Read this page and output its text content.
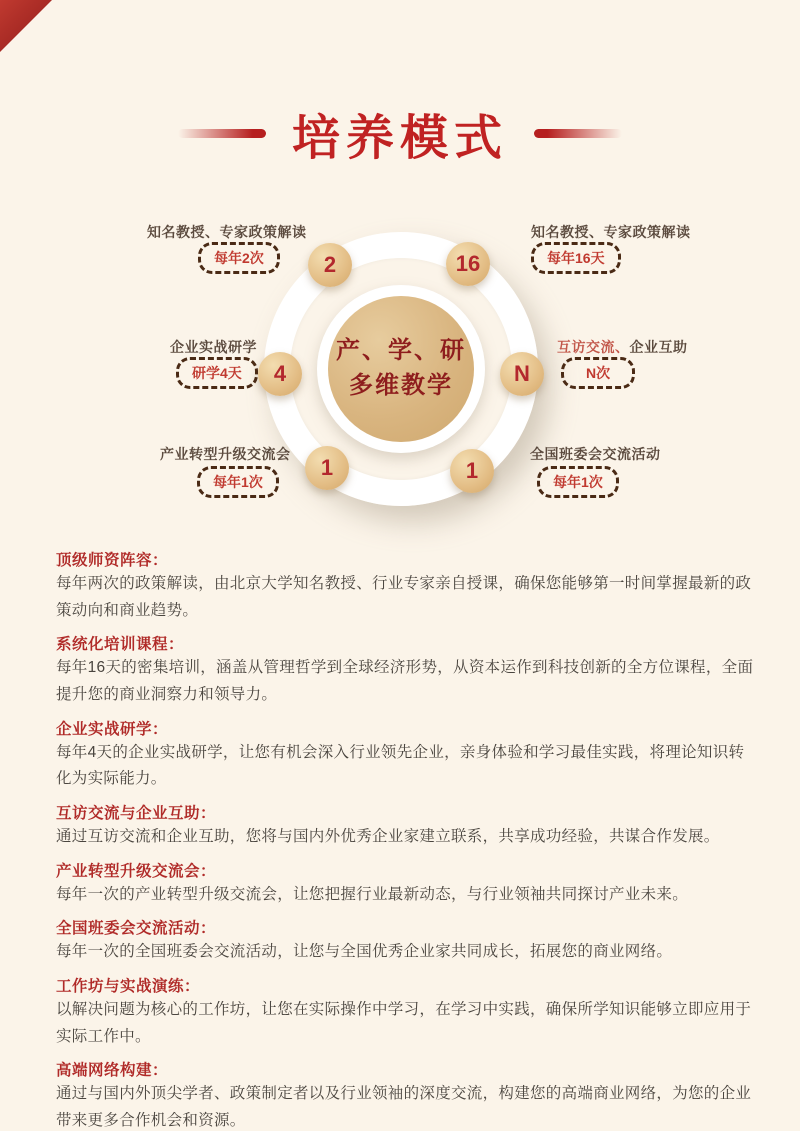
培养模式
产、学、研
多维教学
2	16
4	N
1	1
知名教授、专家政策解读
每年2次
知名教授、专家政策解读
每年16天
企业实战研学
研学4天
互访交流、企业互助
N次
产业转型升级交流会
每年1次
全国班委会交流活动
每年1次
顶级师资阵容：

每年两次的政策解读，由北京大学知名教授、行业专家亲自授课，确保您能够第一时间掌握最新的政策动向和商业趋势。

系统化培训课程：

每年16天的密集培训，涵盖从管理哲学到全球经济形势，从资本运作到科技创新的全方位课程，全面提升您的商业洞察力和领导力。

企业实战研学：

每年4天的企业实战研学，让您有机会深入行业领先企业，亲身体验和学习最佳实践，将理论知识转化为实际能力。

互访交流与企业互助：

通过互访交流和企业互助，您将与国内外优秀企业家建立联系，共享成功经验，共谋合作发展。

产业转型升级交流会：

每年一次的产业转型升级交流会，让您把握行业最新动态，与行业领袖共同探讨产业未来。

全国班委会交流活动：

每年一次的全国班委会交流活动，让您与全国优秀企业家共同成长，拓展您的商业网络。

工作坊与实战演练：

以解决问题为核心的工作坊，让您在实际操作中学习，在学习中实践，确保所学知识能够立即应用于实际工作中。

高端网络构建：

通过与国内外顶尖学者、政策制定者以及行业领袖的深度交流，构建您的高端商业网络，为您的企业带来更多合作机会和资源。
